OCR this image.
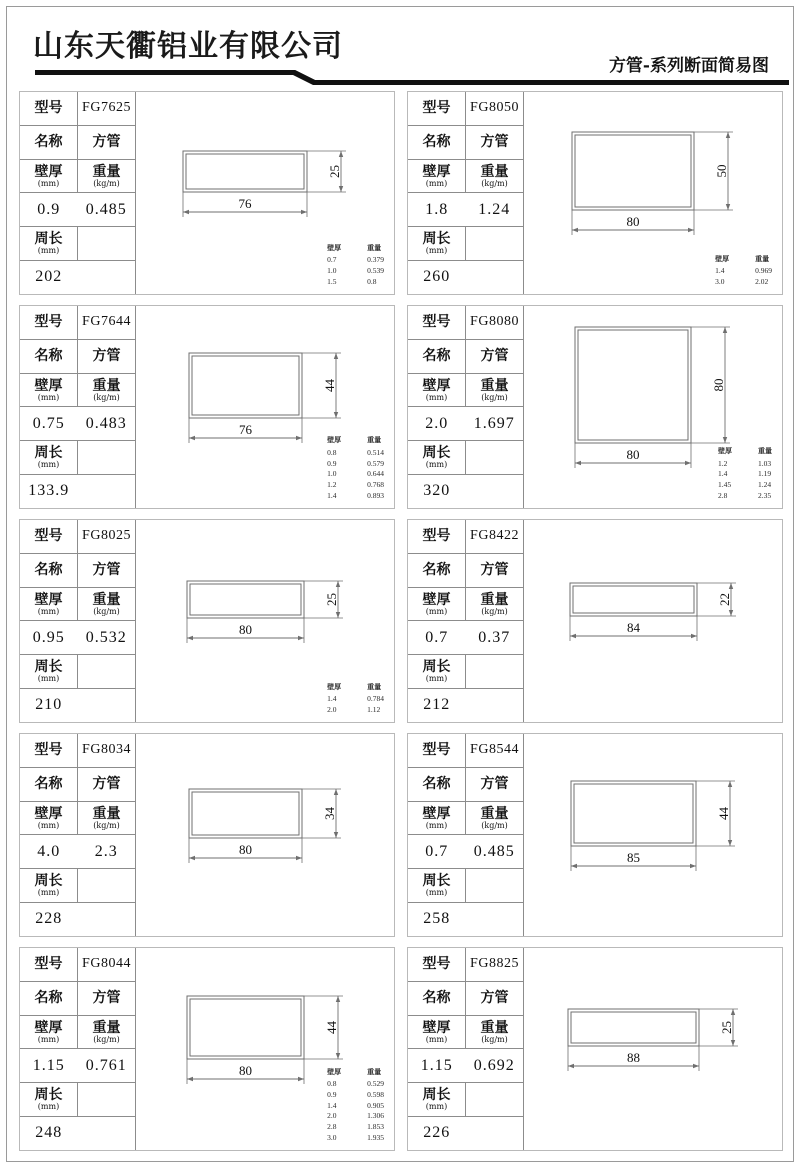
山东天衢铝业有限公司
方管-系列断面简易图
型号	FG7625
名称	方管
壁厚
(mm)
重量
(kg/m)
0.9	0.485
周长
(mm)
202
76
25
壁厚	重量
0.7	0.379
1.0	0.539
1.5	0.8
型号	FG8050
名称	方管
壁厚
(mm)
重量
(kg/m)
1.8	1.24
周长
(mm)
260
80
50
壁厚	重量
1.4	0.969
3.0	2.02
型号	FG7644
名称	方管
壁厚
(mm)
重量
(kg/m)
0.75	0.483
周长
(mm)
133.9
76
44
壁厚	重量
0.8	0.514
0.9	0.579
1.0	0.644
1.2	0.768
1.4	0.893
型号	FG8080
名称	方管
壁厚
(mm)
重量
(kg/m)
2.0	1.697
周长
(mm)
320
80
80
壁厚	重量
1.2	1.03
1.4	1.19
1.45	1.24
2.8	2.35
型号	FG8025
名称	方管
壁厚
(mm)
重量
(kg/m)
0.95	0.532
周长
(mm)
210
80
25
壁厚	重量
1.4	0.784
2.0	1.12
型号	FG8422
名称	方管
壁厚
(mm)
重量
(kg/m)
0.7	0.37
周长
(mm)
212
84
22
型号	FG8034
名称	方管
壁厚
(mm)
重量
(kg/m)
4.0	2.3
周长
(mm)
228
80
34
型号	FG8544
名称	方管
壁厚
(mm)
重量
(kg/m)
0.7	0.485
周长
(mm)
258
85
44
型号	FG8044
名称	方管
壁厚
(mm)
重量
(kg/m)
1.15	0.761
周长
(mm)
248
80
44
壁厚	重量
0.8	0.529
0.9	0.598
1.4	0.905
2.0	1.306
2.8	1.853
3.0	1.935
型号	FG8825
名称	方管
壁厚
(mm)
重量
(kg/m)
1.15	0.692
周长
(mm)
226
88
25
